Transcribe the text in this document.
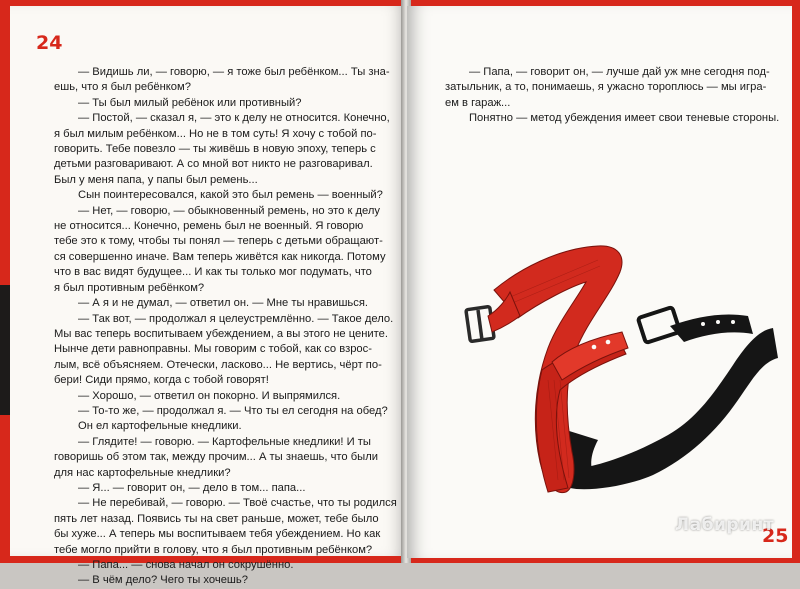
24

— Видишь ли, — говорю, — я тоже был ребёнком... Ты зна-

ешь, что я был ребёнком?

— Ты был милый ребёнок или противный?

— Постой, — сказал я, — это к делу не относится. Конечно,

я был милым ребёнком... Но не в том суть! Я хочу с тобой по-

говорить. Тебе повезло — ты живёшь в новую эпоху, теперь с

детьми разговаривают. А со мной вот никто не разговаривал.

Был у меня папа, у папы был ремень...

Сын поинтересовался, какой это был ремень — военный?

— Нет, — говорю, — обыкновенный ремень, но это к делу

не относится... Конечно, ремень был не военный. Я говорю

тебе это к тому, чтобы ты понял — теперь с детьми обращают-

ся совершенно иначе. Вам теперь живётся как никогда. Потому

что в вас видят будущее... И как ты только мог подумать, что

я был противным ребёнком?

— А я и не думал, — ответил он. — Мне ты нравишься.

— Так вот, — продолжал я целеустремлённо. — Такое дело.

Мы вас теперь воспитываем убеждением, а вы этого не цените.

Нынче дети равноправны. Мы говорим с тобой, как со взрос-

лым, всё объясняем. Отечески, ласково... Не вертись, чёрт по-

бери! Сиди прямо, когда с тобой говорят!

— Хорошо, — ответил он покорно. И выпрямился.

— То-то же, — продолжал я. — Что ты ел сегодня на обед?

Он ел картофельные кнедлики.

— Глядите! — говорю. — Картофельные кнедлики! И ты

говоришь об этом так, между прочим... А ты знаешь, что были

для нас картофельные кнедлики?

— Я... — говорит он, — дело в том... папа...

— Не перебивай, — говорю. — Твоё счастье, что ты родился

пять лет назад. Появись ты на свет раньше, может, тебе было

бы хуже... А теперь мы воспитываем тебя убеждением. Но как

тебе могло прийти в голову, что я был противным ребёнком?

— Папа... — снова начал он сокрушённо.

— В чём дело? Чего ты хочешь?

— Папа, — говорит он, — лучше дай уж мне сегодня под-

затыльник, а то, понимаешь, я ужасно тороплюсь — мы игра-

ем в гараж...

Понятно — метод убеждения имеет свои теневые стороны.

25
Лабиринт
